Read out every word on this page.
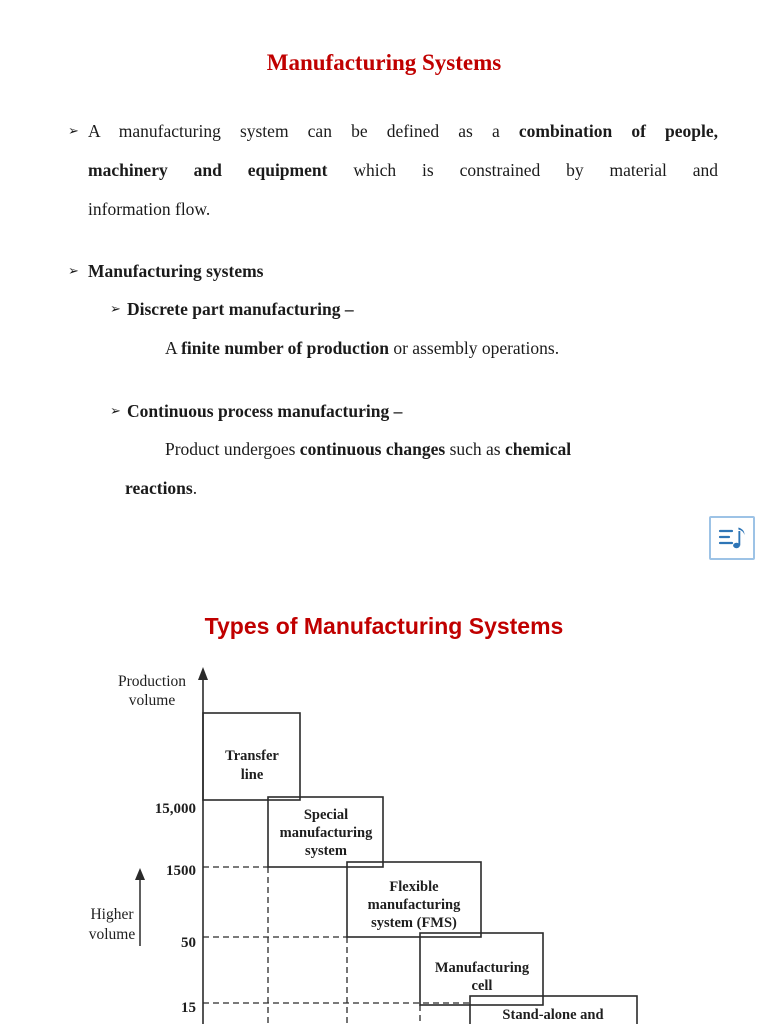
Manufacturing Systems
➢ A manufacturing system can be defined as a combination of people,
machinery and equipment which is constrained by material and
information flow.
➢ Manufacturing systems
➢ Discrete part manufacturing –
A finite number of production or assembly operations.
➢ Continuous process manufacturing –
Product undergoes continuous changes such as chemical
reactions.
Types of Manufacturing Systems
Production
volume
15,000
1500
50
15
Transfer
line
Special
manufacturing
system
Flexible
manufacturing
system (FMS)
Manufacturing
cell
Stand-alone and
Higher
volume
